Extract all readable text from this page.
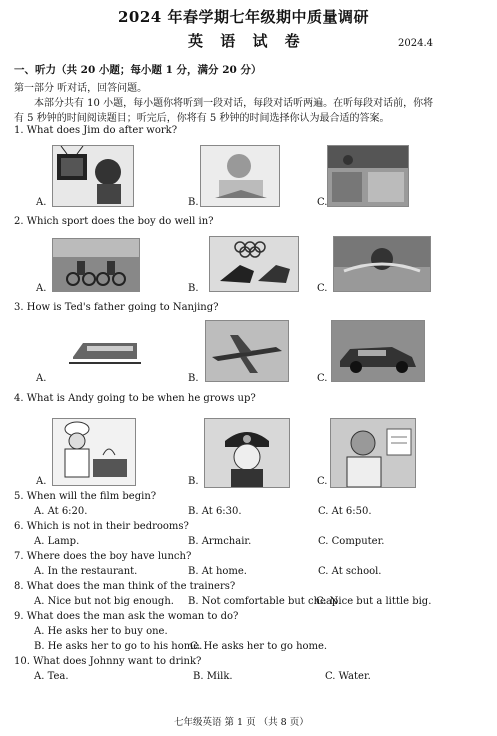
2024 年春学期七年级期中质量调研
英 语 试 卷	2024.4
一、听力（共 20 小题；每小题 1 分，满分 20 分）
第一部分 听对话，回答问题。
本部分共有 10 小题，每小题你将听到一段对话，每段对话听两遍。在听每段对话前，你将
有 5 秒钟的时间阅读题目；听完后，你将有 5 秒钟的时间选择你认为最合适的答案。
1. What does Jim do after work?
A.	B.	C.
2. Which sport does the boy do well in?
A.	B.	C.
3. How is Ted's father going to Nanjing?
A.	B.	C.
4. What is Andy going to be when he grows up?
A.	B.	C.
5. When will the film begin?
A. At 6:20.	B. At 6:30.	C. At 6:50.
6. Which is not in their bedrooms?
A. Lamp.	B. Armchair.	C. Computer.
7. Where does the boy have lunch?
A. In the restaurant.	B. At home.	C. At school.
8. What does the man think of the trainers?
A. Nice but not big enough. B. Not comfortable but cheap.
C. Nice but a little big.
9. What does the man ask the woman to do?
A. He asks her to buy one.
B. He asks her to go to his home.
C. He asks her to go home.
10. What does Johnny want to drink?
A. Tea.	B. Milk.	C. Water.
七年级英语 第 1 页 （共 8 页）
